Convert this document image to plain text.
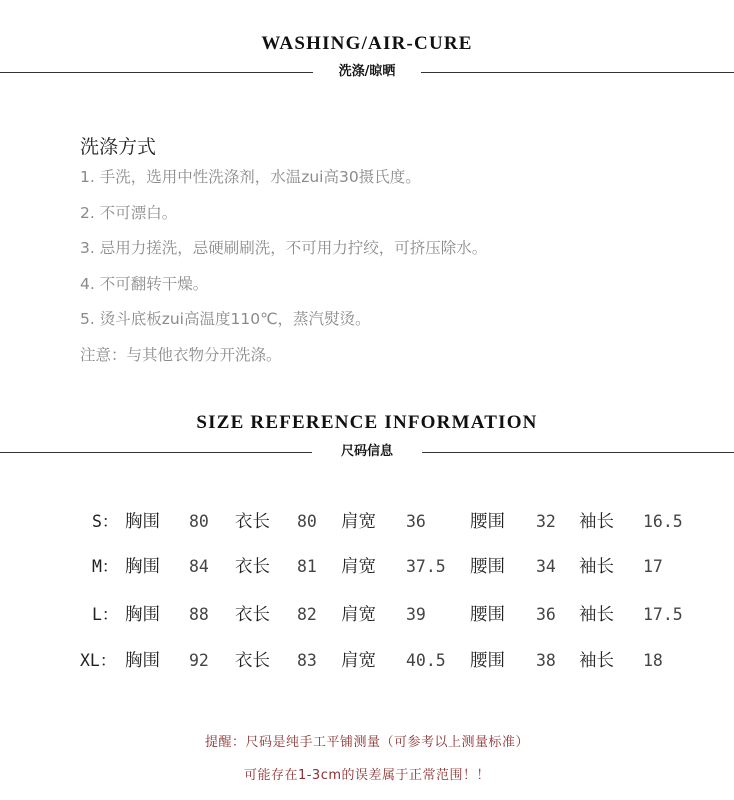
WASHING/AIR-CURE
洗涤/晾晒
洗涤方式
1. 手洗，选用中性洗涤剂，水温zui高30摄氏度。
2. 不可漂白。
3. 忌用力搓洗，忌硬刷刷洗，不可用力拧绞，可挤压除水。
4. 不可翻转干燥。
5. 烫斗底板zui高温度110℃，蒸汽熨烫。
注意：与其他衣物分开洗涤。
SIZE REFERENCE INFORMATION
尺码信息
S： 胸围 80 衣长 80 肩宽 36	腰围 32 袖长 16.5
M： 胸围 84 衣长 81 肩宽 37.5 腰围 34 袖长 17
L： 胸围 88 衣长 82 肩宽 39	腰围 36 袖长 17.5
XL： 胸围 92 衣长 83 肩宽 40.5 腰围 38 袖长 18
提醒：尺码是纯手工平铺测量（可参考以上测量标准）
可能存在1-3cm的误差属于正常范围！！
